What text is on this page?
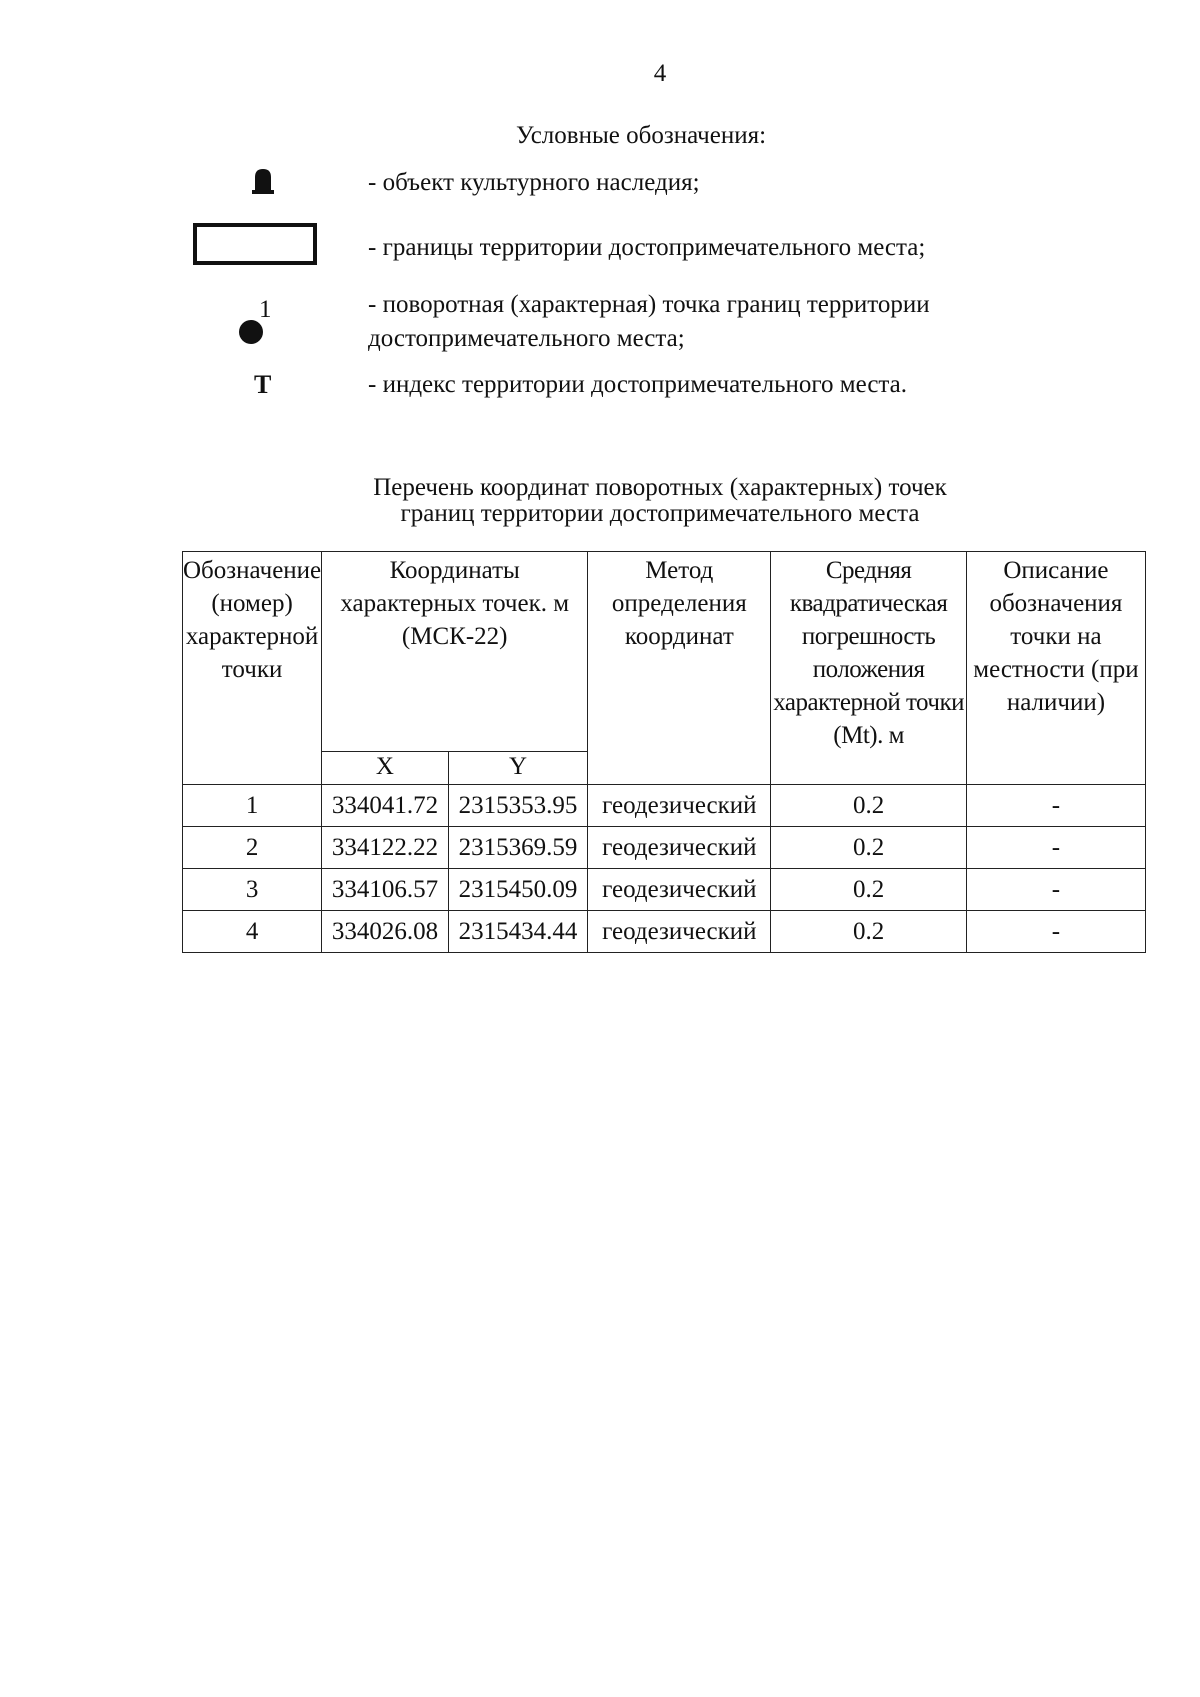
4
Условные обозначения:
- объект культурного наследия;
- границы территории достопримечательного места;
1	- поворотная (характерная) точка границ территории достопримечательного места;
Т	- индекс территории достопримечательного места.
Перечень координат поворотных (характерных) точек
границ территории достопримечательного места
Обозначение (номер) характерной точки	Координаты характерных точек. м (МСК-22)		Метод определения координат	Средняя квадратическая погрешность положения характерной точки (Mt). м	Описание обозначения точки на местности (при наличии)
	X	Y			
1	334041.72	2315353.95	геодезический	0.2	-
2	334122.22	2315369.59	геодезический	0.2	-
3	334106.57	2315450.09	геодезический	0.2	-
4	334026.08	2315434.44	геодезический	0.2	-
